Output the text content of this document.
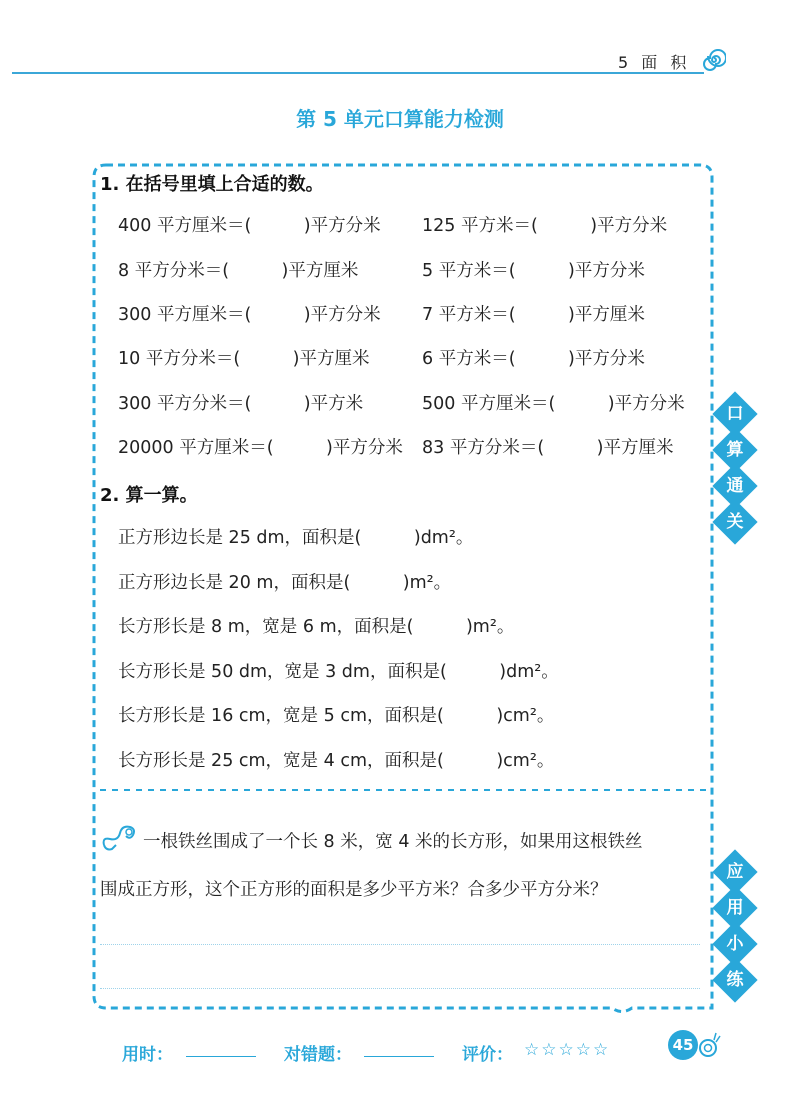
5 面 积
第 5 单元口算能力检测
1. 在括号里填上合适的数。
400 平方厘米＝(　　　)平方分米 125 平方米＝(　　　)平方分米
8 平方分米＝(　　　)平方厘米	5 平方米＝(　　　)平方分米
300 平方厘米＝(　　　)平方分米 7 平方米＝(　　　)平方厘米
10 平方分米＝(　　　)平方厘米	6 平方米＝(　　　)平方分米
300 平方分米＝(　　　)平方米	500 平方厘米＝(　　　)平方分米
20000 平方厘米＝(　　　)平方分米 83 平方分米＝(　　　)平方厘米
2. 算一算。
正方形边长是 25 dm，面积是(　　　)dm²。
正方形边长是 20 m，面积是(　　　)m²。
长方形长是 8 m，宽是 6 m，面积是(　　　)m²。
长方形长是 50 dm，宽是 3 dm，面积是(　　　)dm²。
长方形长是 16 cm，宽是 5 cm，面积是(　　　)cm²。
长方形长是 25 cm，宽是 4 cm，面积是(　　　)cm²。
口
算
通
关
应
用
小
练
一根铁丝围成了一个长 8 米，宽 4 米的长方形，如果用这根铁丝
围成正方形，这个正方形的面积是多少平方米？合多少平方分米？
用时：	对错题：	评价： ☆☆☆☆☆	45
